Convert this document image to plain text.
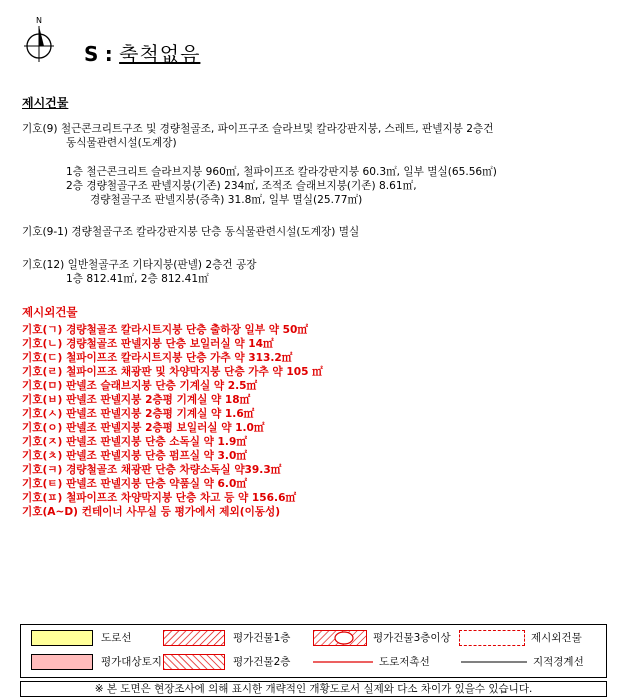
N
S : 축척없음
제시건물
기호(9) 철근콘크리트구조 및 경량철골조, 파이프구조 슬라브및 칼라강판지붕, 스레트, 판넬지붕 2층건
동식물관련시설(도계장)
1층 철근콘크리트 슬라브지붕 960㎡, 철파이프조 칼라강판지붕 60.3㎡, 일부 멸실(65.56㎡)
2층 경량철골구조 판넬지붕(기존) 234㎡, 조적조 슬래브지붕(기존) 8.61㎡,
경량철골구조 판넬지붕(증축) 31.8㎡, 일부 멸실(25.77㎡)
기호(9-1) 경량철골구조 칼라강판지붕 단층 동식물관련시설(도계장) 멸실
기호(12) 일반철골구조 기타지붕(판넬) 2층건 공장
1층 812.41㎡, 2층 812.41㎡
제시외건물
기호(ㄱ) 경량철골조 칼라시트지붕 단층 출하장 일부 약 50㎡
기호(ㄴ) 경량철골조 판넬지붕 단층 보일러실 약 14㎡
기호(ㄷ) 철파이프조 칼라시트지붕 단층 가추 약 313.2㎡
기호(ㄹ) 철파이프조 채광판 및 차양막지붕 단층 가추 약 105 ㎡
기호(ㅁ) 판넬조 슬래브지붕 단층 기계실 약 2.5㎡
기호(ㅂ) 판넬조 판넬지붕 2층평 기계실 약 18㎡
기호(ㅅ) 판넬조 판넬지붕 2층평 기계실 약 1.6㎡
기호(ㅇ) 판넬조 판넬지붕 2층평 보일러실 약 1.0㎡
기호(ㅈ) 판넬조 판넬지붕 단층 소독실 약 1.9㎡
기호(ㅊ) 판넬조 판넬지붕 단층 펌프실 약 3.0㎡
기호(ㅋ) 경량철골조 채광판 단층 차량소독실 약39.3㎡
기호(ㅌ) 판넬조 판넬지붕 단층 약품실 약 6.0㎡
기호(ㅍ) 철파이프조 차양막지붕 단층 차고 등 약 156.6㎡
기호(A~D) 컨테이너 사무실 등 평가에서 제외(이동성)
도로선	평가건물1층	평가건물3층이상	제시외건물
평가대상토지	평가건물2층	도로저촉선	지적경계선
※ 본 도면은 현장조사에 의해 표시한 개략적인 개황도로서 실제와 다소 차이가 있을수 있습니다.
